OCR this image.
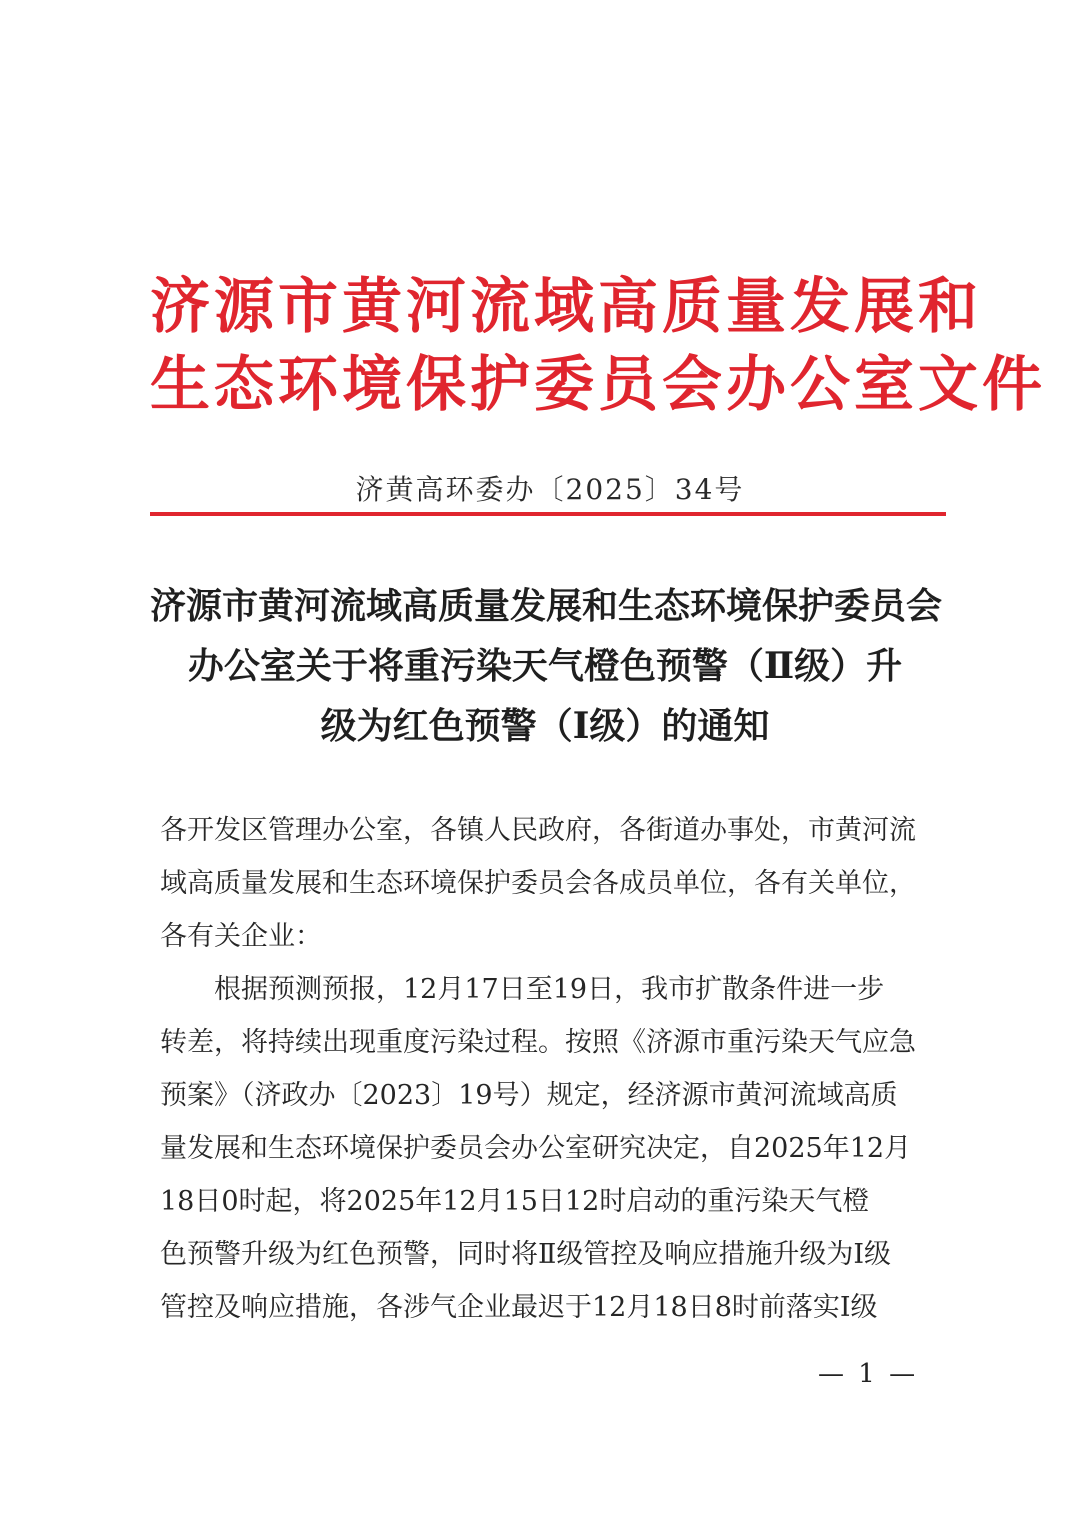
济源市黄河流域高质量发展和
生态环境保护委员会办公室文件
济黄高环委办〔2025〕34号
济源市黄河流域高质量发展和生态环境保护委员会
办公室关于将重污染天气橙色预警（Ⅱ级）升
级为红色预警（Ⅰ级）的通知
各开发区管理办公室，各镇人民政府，各街道办事处，市黄河流
域高质量发展和生态环境保护委员会各成员单位，各有关单位，
各有关企业：
　　根据预测预报，12月17日至19日，我市扩散条件进一步
转差，将持续出现重度污染过程。按照《济源市重污染天气应急
预案》（济政办〔2023〕19号）规定，经济源市黄河流域高质
量发展和生态环境保护委员会办公室研究决定，自2025年12月
18日0时起，将2025年12月15日12时启动的重污染天气橙
色预警升级为红色预警，同时将Ⅱ级管控及响应措施升级为Ⅰ级
管控及响应措施，各涉气企业最迟于12月18日8时前落实Ⅰ级
— 1 —
